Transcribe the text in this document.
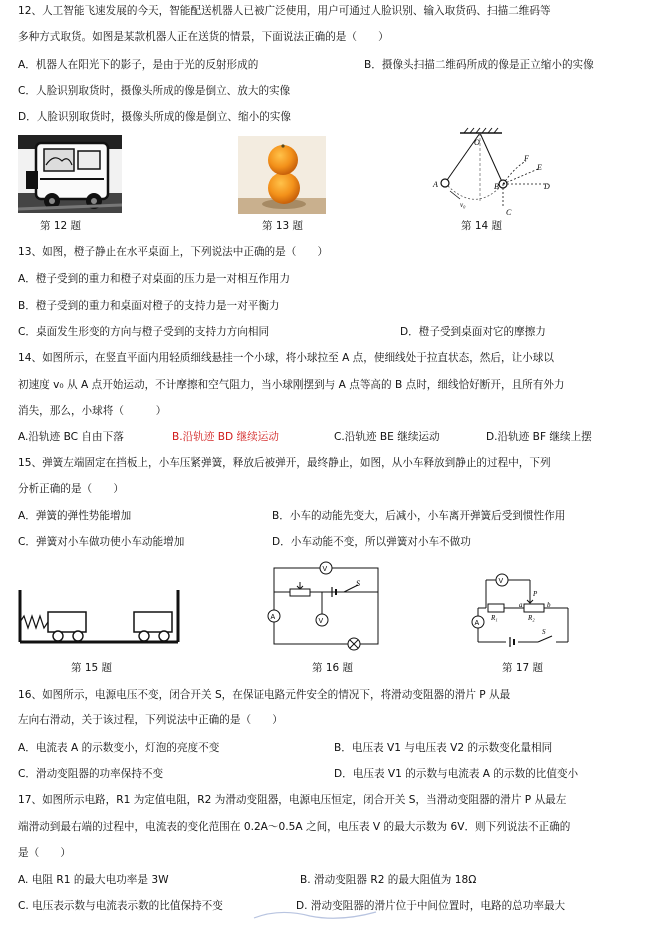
12、人工智能飞速发展的今天，智能配送机器人已被广泛使用，用户可通过人脸识别、输入取货码、扫描二维码等
多种方式取货。如图是某款机器人正在送货的情景，下面说法正确的是（　　）
A．机器人在阳光下的影子，是由于光的反射形成的	B．摄像头扫描二维码所成的像是正立缩小的实像
C．人脸识别取货时，摄像头所成的像是倒立、放大的实像
D．人脸识别取货时，摄像头所成的像是倒立、缩小的实像
O
A	B
C
D
E
F
v₀
第 12 题	第 13 题	第 14 题
13、如图，橙子静止在水平桌面上，下列说法中正确的是（　　）
A．橙子受到的重力和橙子对桌面的压力是一对相互作用力
B．橙子受到的重力和桌面对橙子的支持力是一对平衡力
C．桌面发生形变的方向与橙子受到的支持力方向相同	D．橙子受到桌面对它的摩擦力
14、如图所示，在竖直平面内用轻质细线悬挂一个小球，将小球拉至 A 点，使细线处于拉直状态，然后，让小球以
初速度 v₀ 从 A 点开始运动，不计摩擦和空气阻力，当小球刚摆到与 A 点等高的 B 点时，细线恰好断开，且所有外力
消失，那么，小球将（　　　）
A.沿轨迹 BC 自由下落	B.沿轨迹 BD 继续运动	C.沿轨迹 BE 继续运动	D.沿轨迹 BF 继续上摆
15、弹簧左端固定在挡板上，小车压紧弹簧，释放后被弹开，最终静止，如图，从小车释放到静止的过程中，下列
分析正确的是（　　）
A．弹簧的弹性势能增加	B．小车的动能先变大，后减小，小车离开弹簧后受到惯性作用
C．弹簧对小车做功使小车动能增加	D．小车动能不变，所以弹簧对小车不做功
V
A
S
V
V
A
R₁
P
R₂
a	b
S
第 15 题	第 16 题	第 17 题
16、如图所示，电源电压不变，闭合开关 S，在保证电路元件安全的情况下，将滑动变阻器的滑片 P 从最
左向右滑动，关于该过程，下列说法中正确的是（　　）
A．电流表 A 的示数变小，灯泡的亮度不变	B．电压表 V1 与电压表 V2 的示数变化量相同
C．滑动变阻器的功率保持不变	D．电压表 V1 的示数与电流表 A 的示数的比值变小
17、如图所示电路，R1 为定值电阻，R2 为滑动变阻器，电源电压恒定，闭合开关 S，当滑动变阻器的滑片 P 从最左
端滑动到最右端的过程中，电流表的变化范围在 0.2A～0.5A 之间，电压表 V 的最大示数为 6V．则下列说法不正确的
是（　　）
A. 电阻 R1 的最大电功率是 3W	B. 滑动变阻器 R2 的最大阻值为 18Ω
C. 电压表示数与电流表示数的比值保持不变	D. 滑动变阻器的滑片位于中间位置时，电路的总功率最大
